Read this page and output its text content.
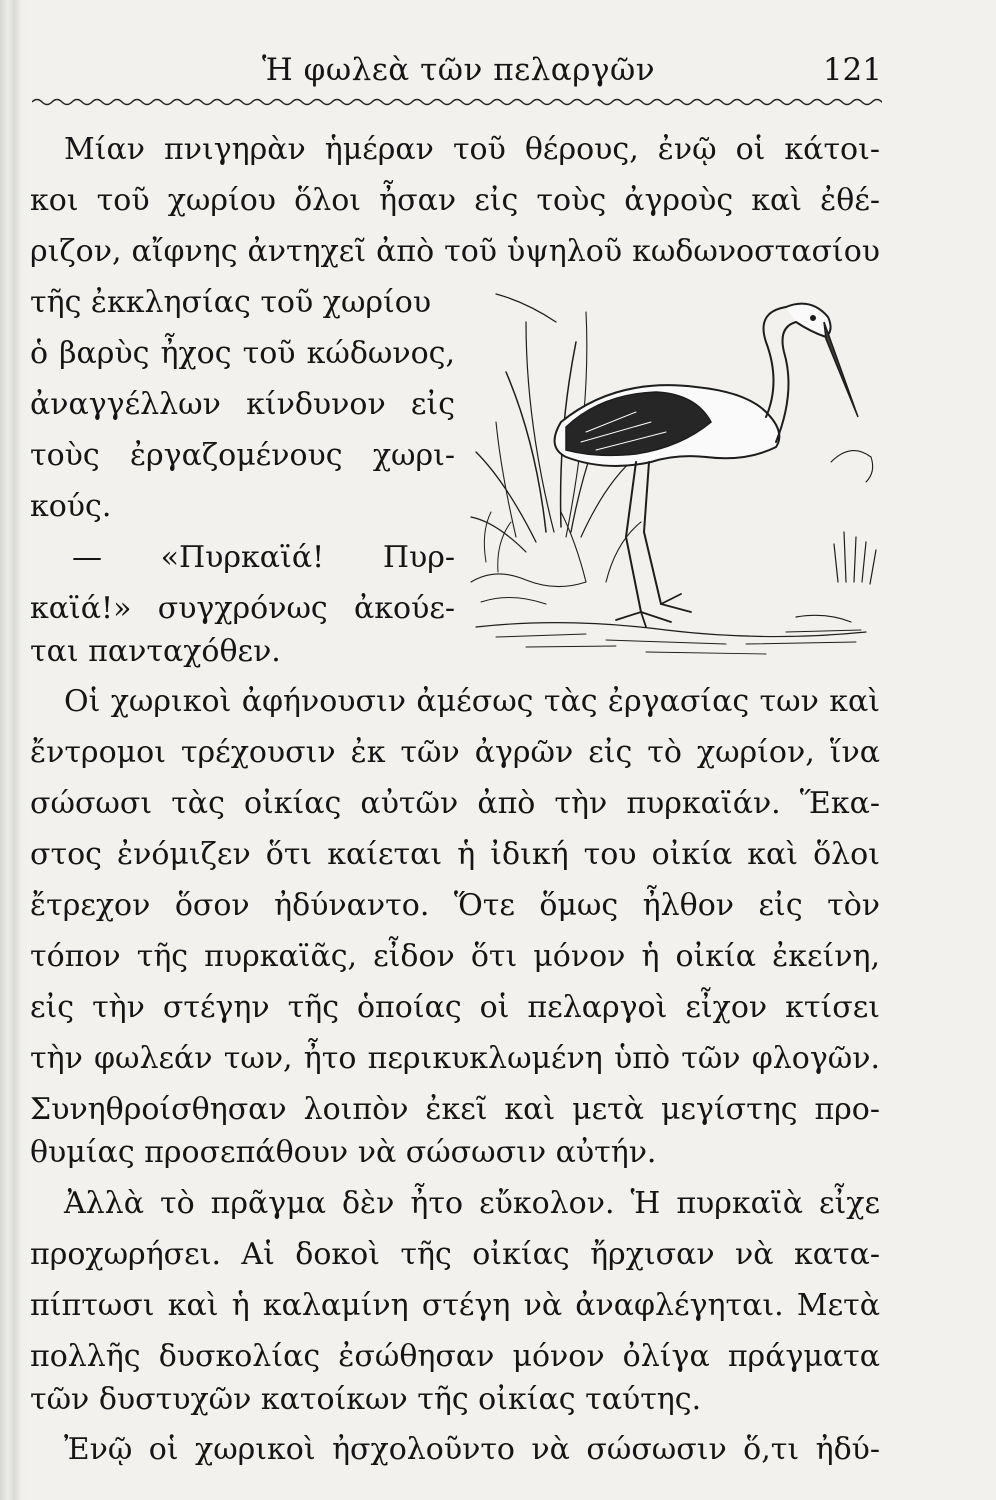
Ἡ φωλεὰ τῶν πελαργῶν	121
Μίαν πνιγηρὰν ἡμέραν τοῦ θέρους, ἐνῷ οἱ κάτοι-
κοι τοῦ χωρίου ὅλοι ἦσαν εἰς τοὺς ἀγροὺς καὶ ἐθέ-
ριζον, αἴφνης ἀντηχεῖ ἀπὸ τοῦ ὑψηλοῦ κωδωνοστασίου
τῆς ἐκκλησίας τοῦ χωρίου
ὁ βαρὺς ἦχος τοῦ κώδωνος,
ἀναγγέλλων κίνδυνον εἰς
τοὺς ἐργαζομένους χωρι-
κούς.
— «Πυρκαϊά! Πυρ-
καϊά!» συγχρόνως ἀκούε-
ται πανταχόθεν.
Οἱ χωρικοὶ ἀφήνουσιν ἀμέσως τὰς ἐργασίας των καὶ
ἔντρομοι τρέχουσιν ἐκ τῶν ἀγρῶν εἰς τὸ χωρίον, ἵνα
σώσωσι τὰς οἰκίας αὐτῶν ἀπὸ τὴν πυρκαϊάν. Ἕκα-
στος ἐνόμιζεν ὅτι καίεται ἡ ἰδική του οἰκία καὶ ὅλοι
ἔτρεχον ὅσον ἠδύναντο. Ὅτε ὅμως ἦλθον εἰς τὸν
τόπον τῆς πυρκαϊᾶς, εἶδον ὅτι μόνον ἡ οἰκία ἐκείνη,
εἰς τὴν στέγην τῆς ὁποίας οἱ πελαργοὶ εἶχον κτίσει
τὴν φωλεάν των, ἦτο περικυκλωμένη ὑπὸ τῶν φλογῶν.
Συνηθροίσθησαν λοιπὸν ἐκεῖ καὶ μετὰ μεγίστης προ-
θυμίας προσεπάθουν νὰ σώσωσιν αὐτήν.
Ἀλλὰ τὸ πρᾶγμα δὲν ἦτο εὔκολον. Ἡ πυρκαϊὰ εἶχε
προχωρήσει. Αἱ δοκοὶ τῆς οἰκίας ἤρχισαν νὰ κατα-
πίπτωσι καὶ ἡ καλαμίνη στέγη νὰ ἀναφλέγηται. Μετὰ
πολλῆς δυσκολίας ἐσώθησαν μόνον ὀλίγα πράγματα
τῶν δυστυχῶν κατοίκων τῆς οἰκίας ταύτης.
Ἐνῷ οἱ χωρικοὶ ἠσχολοῦντο νὰ σώσωσιν ὅ,τι ἠδύ-
